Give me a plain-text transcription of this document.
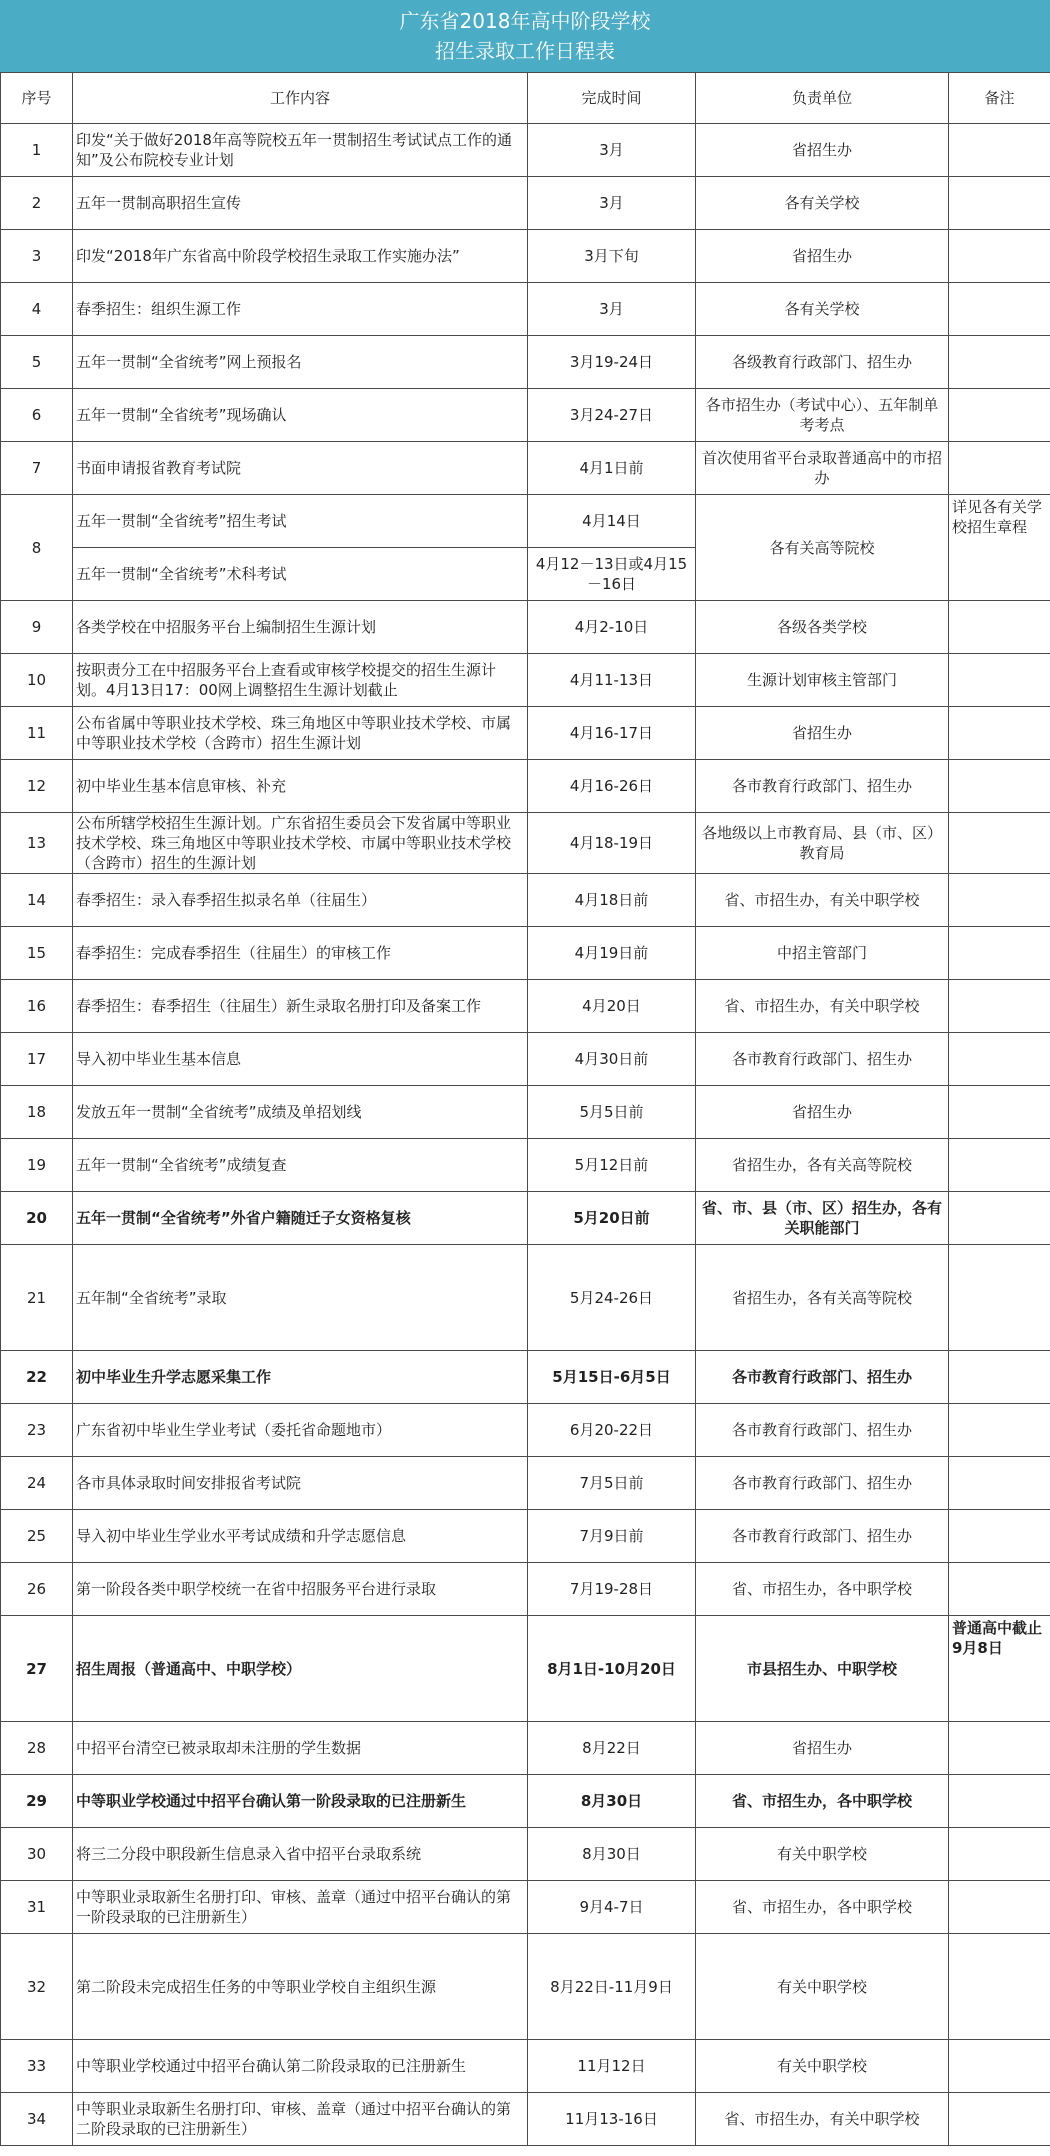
广东省2018年高中阶段学校
招生录取工作日程表
序号	工作内容	完成时间	负责单位	备注
1	印发“关于做好2018年高等院校五年一贯制招生考试试点工作的通知”及公布院校专业计划	3月	省招生办	
2	五年一贯制高职招生宣传	3月	各有关学校	
3	印发“2018年广东省高中阶段学校招生录取工作实施办法”	3月下旬	省招生办	
4	春季招生：组织生源工作	3月	各有关学校	
5	五年一贯制“全省统考”网上预报名	3月19-24日	各级教育行政部门、招生办	
6	五年一贯制“全省统考”现场确认	3月24-27日	各市招生办（考试中心）、五年制单考考点	
7	书面申请报省教育考试院	4月1日前	首次使用省平台录取普通高中的市招办	
8	五年一贯制“全省统考”招生考试	4月14日	各有关高等院校	详见各有关学校招生章程
	五年一贯制“全省统考”术科考试	4月12－13日或4月15－16日		
9	各类学校在中招服务平台上编制招生生源计划	4月2-10日	各级各类学校	
10	按职责分工在中招服务平台上查看或审核学校提交的招生生源计划。4月13日17：00网上调整招生生源计划截止	4月11-13日	生源计划审核主管部门	
11	公布省属中等职业技术学校、珠三角地区中等职业技术学校、市属中等职业技术学校（含跨市）招生生源计划	4月16-17日	省招生办	
12	初中毕业生基本信息审核、补充	4月16-26日	各市教育行政部门、招生办	
13	公布所辖学校招生生源计划。广东省招生委员会下发省属中等职业技术学校、珠三角地区中等职业技术学校、市属中等职业技术学校（含跨市）招生的生源计划	4月18-19日	各地级以上市教育局、县（市、区）教育局	
14	春季招生：录入春季招生拟录名单（往届生）	4月18日前	省、市招生办，有关中职学校	
15	春季招生：完成春季招生（往届生）的审核工作	4月19日前	中招主管部门	
16	春季招生：春季招生（往届生）新生录取名册打印及备案工作	4月20日	省、市招生办，有关中职学校	
17	导入初中毕业生基本信息	4月30日前	各市教育行政部门、招生办	
18	发放五年一贯制“全省统考”成绩及单招划线	5月5日前	省招生办	
19	五年一贯制“全省统考”成绩复查	5月12日前	省招生办，各有关高等院校	
20	五年一贯制“全省统考”外省户籍随迁子女资格复核	5月20日前	省、市、县（市、区）招生办，各有关职能部门	
21	五年制“全省统考”录取	5月24-26日	省招生办，各有关高等院校	
22	初中毕业生升学志愿采集工作	5月15日-6月5日	各市教育行政部门、招生办	
23	广东省初中毕业生学业考试（委托省命题地市）	6月20-22日	各市教育行政部门、招生办	
24	各市具体录取时间安排报省考试院	7月5日前	各市教育行政部门、招生办	
25	导入初中毕业生学业水平考试成绩和升学志愿信息	7月9日前	各市教育行政部门、招生办	
26	第一阶段各类中职学校统一在省中招服务平台进行录取	7月19-28日	省、市招生办，各中职学校	
27	招生周报（普通高中、中职学校）	8月1日-10月20日	市县招生办、中职学校	普通高中截止9月8日
28	中招平台清空已被录取却未注册的学生数据	8月22日	省招生办	
29	中等职业学校通过中招平台确认第一阶段录取的已注册新生	8月30日	省、市招生办，各中职学校	
30	将三二分段中职段新生信息录入省中招平台录取系统	8月30日	有关中职学校	
31	中等职业录取新生名册打印、审核、盖章（通过中招平台确认的第一阶段录取的已注册新生）	9月4-7日	省、市招生办，各中职学校	
32	第二阶段未完成招生任务的中等职业学校自主组织生源	8月22日-11月9日	有关中职学校	
33	中等职业学校通过中招平台确认第二阶段录取的已注册新生	11月12日	有关中职学校	
34	中等职业录取新生名册打印、审核、盖章（通过中招平台确认的第二阶段录取的已注册新生）	11月13-16日	省、市招生办，有关中职学校	
